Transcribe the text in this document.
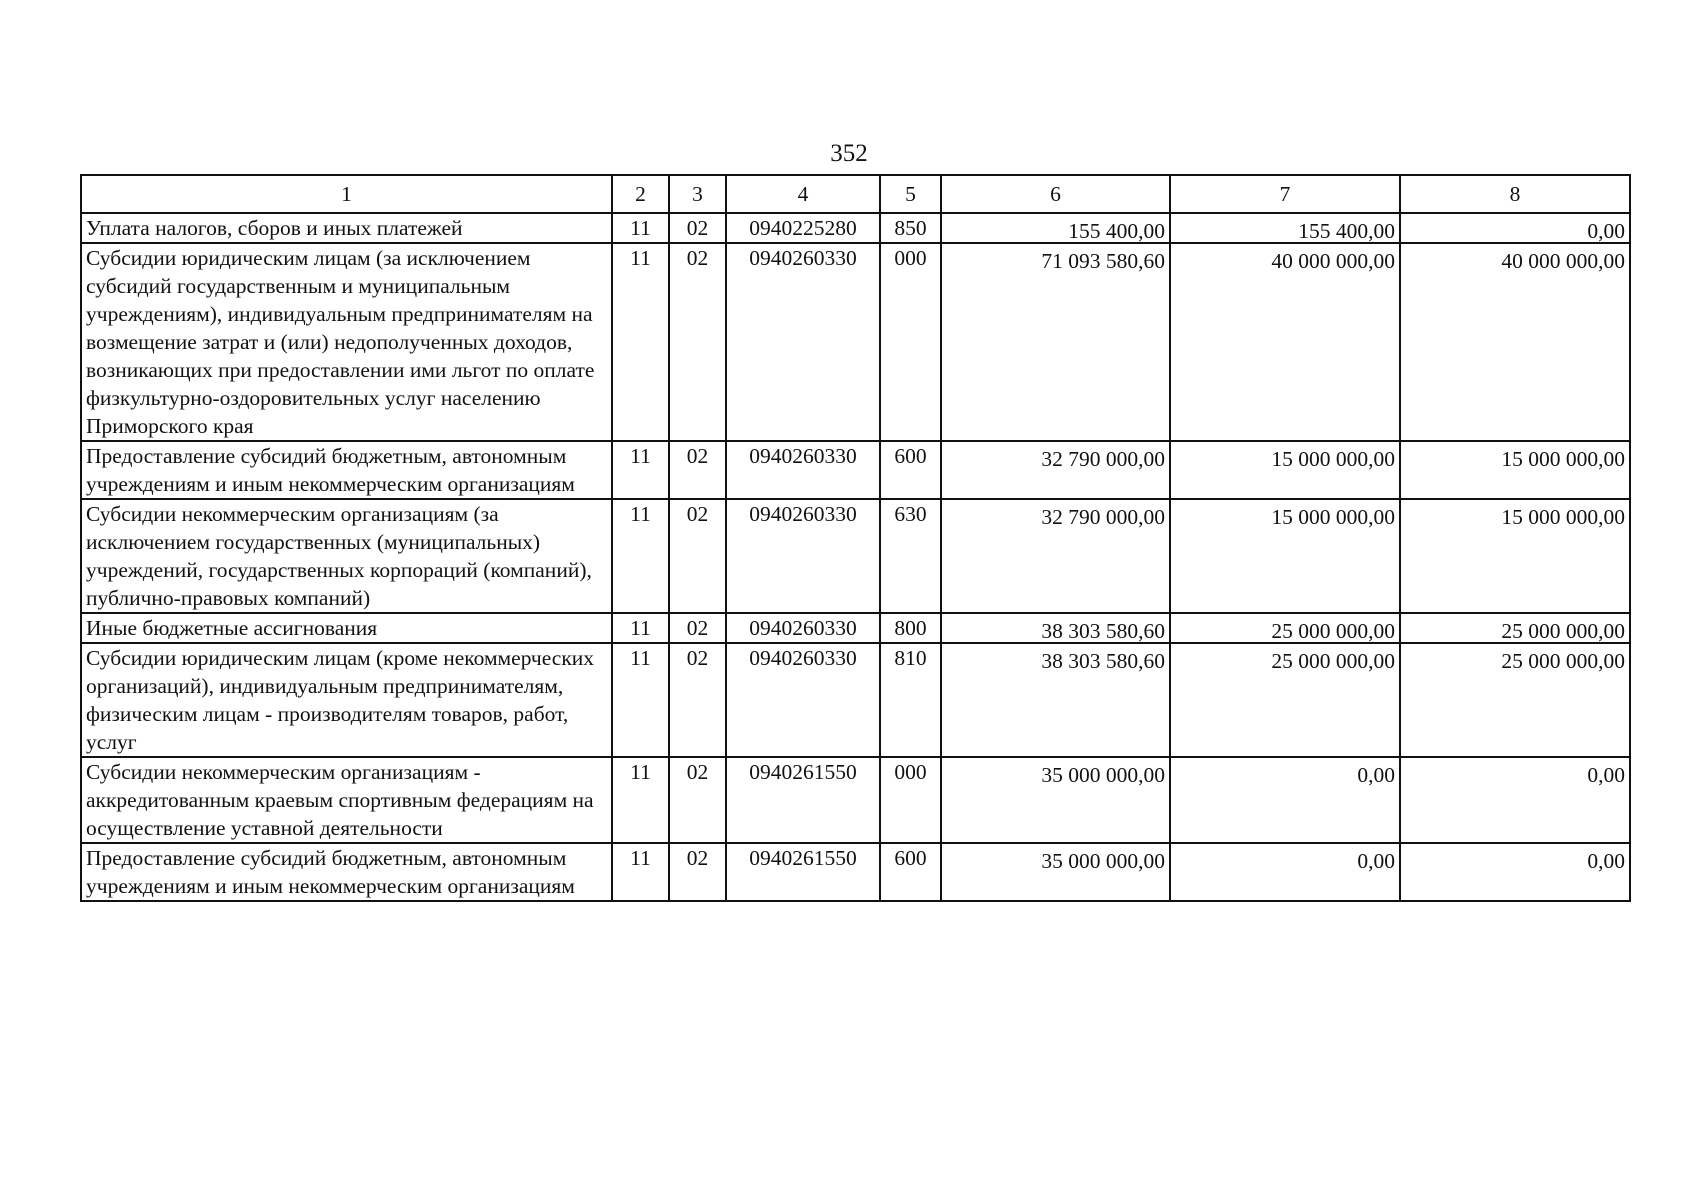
352
1	2	3	4	5	6	7	8
Уплата налогов, сборов и иных платежей	11	02	0940225280	850	155 400,00	155 400,00	0,00
Субсидии юридическим лицам (за исключением субсидий государственным и муниципальным учреждениям), индивидуальным предпринимателям на возмещение затрат и (или) недополученных доходов, возникающих при предоставлении ими льгот по оплате физкультурно-оздоровительных услуг населению Приморского края	11	02	0940260330	000	71 093 580,60	40 000 000,00	40 000 000,00
Предоставление субсидий бюджетным, автономным учреждениям и иным некоммерческим организациям	11	02	0940260330	600	32 790 000,00	15 000 000,00	15 000 000,00
Субсидии некоммерческим организациям (за исключением государственных (муниципальных) учреждений, государственных корпораций (компаний), публично-правовых компаний)	11	02	0940260330	630	32 790 000,00	15 000 000,00	15 000 000,00
Иные бюджетные ассигнования	11	02	0940260330	800	38 303 580,60	25 000 000,00	25 000 000,00
Субсидии юридическим лицам (кроме некоммерческих организаций), индивидуальным предпринимателям, физическим лицам - производителям товаров, работ, услуг	11	02	0940260330	810	38 303 580,60	25 000 000,00	25 000 000,00
Субсидии некоммерческим организациям - аккредитованным краевым спортивным федерациям на осуществление уставной деятельности	11	02	0940261550	000	35 000 000,00	0,00	0,00
Предоставление субсидий бюджетным, автономным учреждениям и иным некоммерческим организациям	11	02	0940261550	600	35 000 000,00	0,00	0,00
